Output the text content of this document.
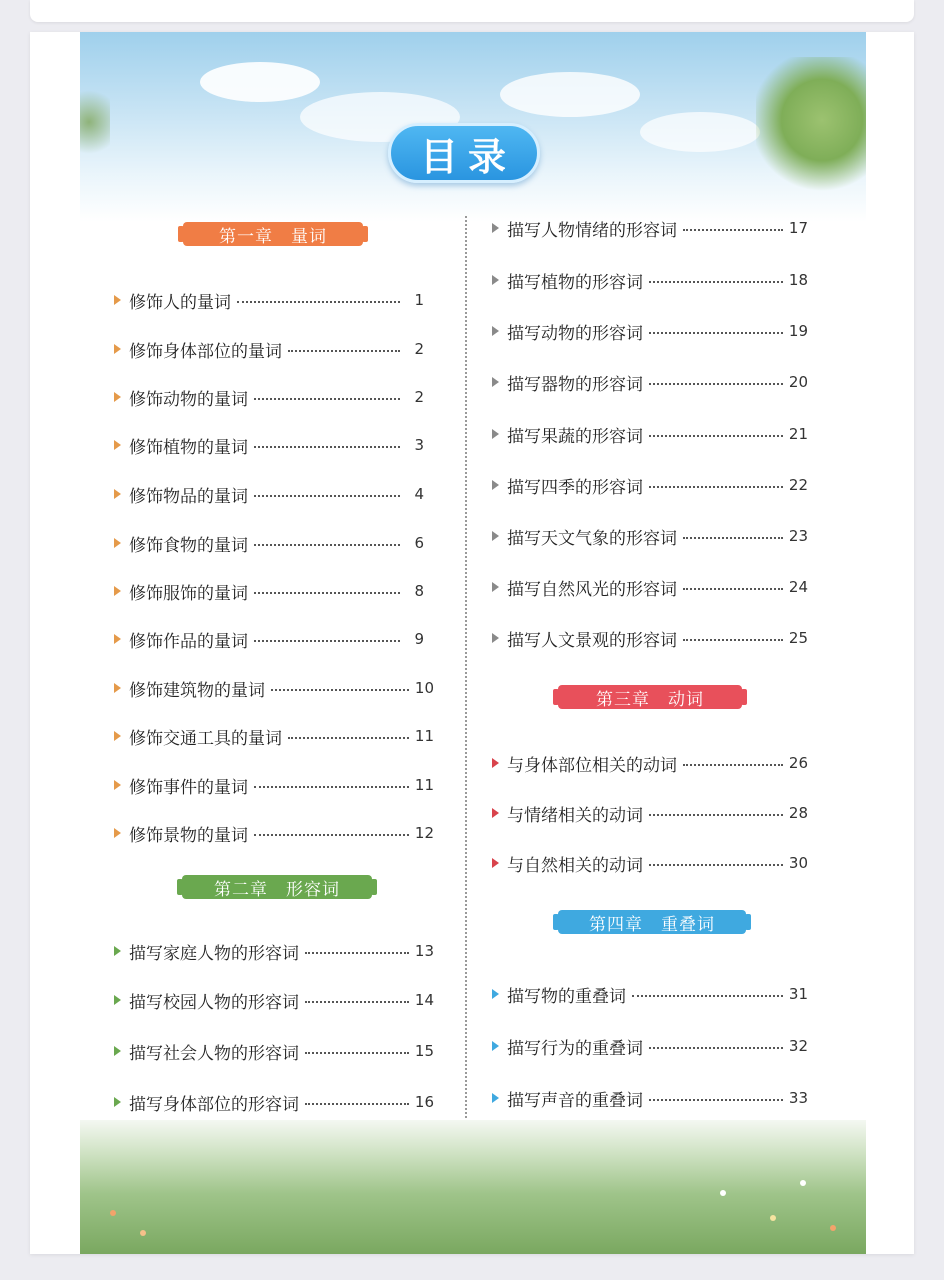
目录
第一章　量词
修饰人的量词	1
修饰身体部位的量词	2
修饰动物的量词	2
修饰植物的量词	3
修饰物品的量词	4
修饰食物的量词	6
修饰服饰的量词	8
修饰作品的量词	9
修饰建筑物的量词	10
修饰交通工具的量词	11
修饰事件的量词	11
修饰景物的量词	12
第二章　形容词
描写家庭人物的形容词	13
描写校园人物的形容词	14
描写社会人物的形容词	15
描写身体部位的形容词	16
描写人物情绪的形容词	17
描写植物的形容词	18
描写动物的形容词	19
描写器物的形容词	20
描写果蔬的形容词	21
描写四季的形容词	22
描写天文气象的形容词	23
描写自然风光的形容词	24
描写人文景观的形容词	25
第三章　动词
与身体部位相关的动词	26
与情绪相关的动词	28
与自然相关的动词	30
第四章　重叠词
描写物的重叠词	31
描写行为的重叠词	32
描写声音的重叠词	33
